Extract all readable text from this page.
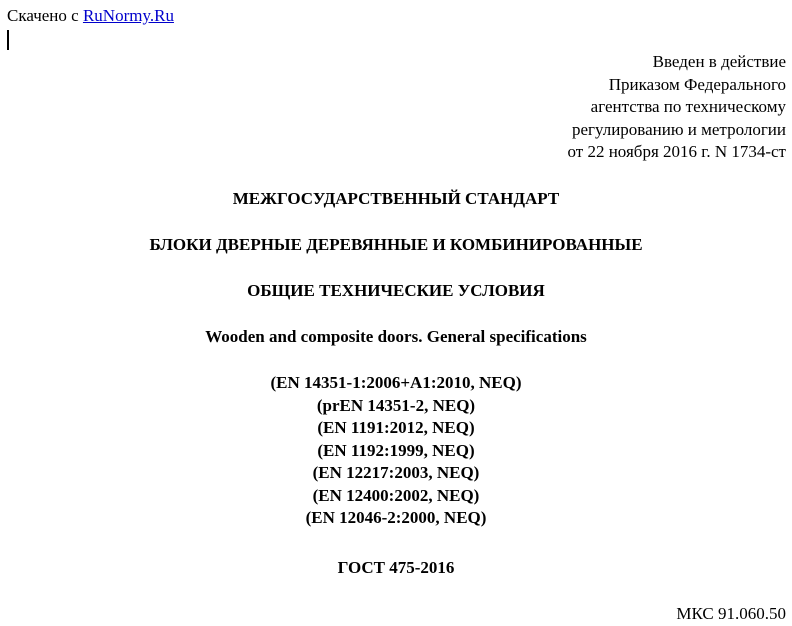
Скачено с RuNormy.Ru
Введен в действие
Приказом Федерального
агентства по техническому
регулированию и метрологии
от 22 ноября 2016 г. N 1734-ст
МЕЖГОСУДАРСТВЕННЫЙ СТАНДАРТ
БЛОКИ ДВЕРНЫЕ ДЕРЕВЯННЫЕ И КОМБИНИРОВАННЫЕ
ОБЩИЕ ТЕХНИЧЕСКИЕ УСЛОВИЯ
Wooden and composite doors. General specifications
(EN 14351-1:2006+A1:2010, NEQ)
(prEN 14351-2, NEQ)
(EN 1191:2012, NEQ)
(EN 1192:1999, NEQ)
(EN 12217:2003, NEQ)
(EN 12400:2002, NEQ)
(EN 12046-2:2000, NEQ)
ГОСТ 475-2016
МКС 91.060.50
